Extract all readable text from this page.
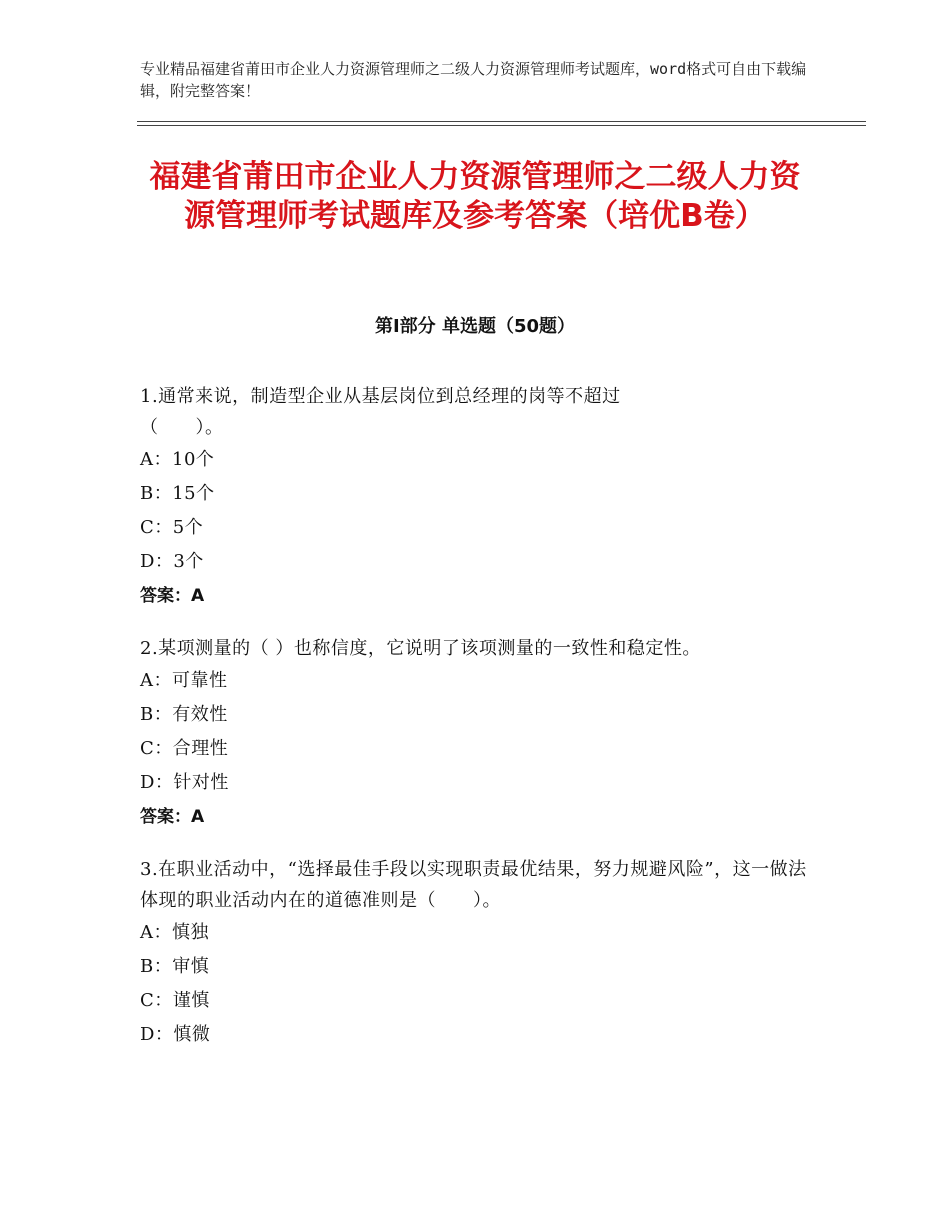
专业精品福建省莆田市企业人力资源管理师之二级人力资源管理师考试题库，word格式可自由下载编辑，附完整答案！
福建省莆田市企业人力资源管理师之二级人力资源管理师考试题库及参考答案（培优B卷）
第Ⅰ部分 单选题（50题）
1.通常来说，制造型企业从基层岗位到总经理的岗等不超过
（　　）。
A：10个
B：15个
C：5个
D：3个
答案：A
2.某项测量的（ ）也称信度，它说明了该项测量的一致性和稳定性。
A：可靠性
B：有效性
C：合理性
D：针对性
答案：A
3.在职业活动中，“选择最佳手段以实现职责最优结果，努力规避风险”，这一做法体现的职业活动内在的道德准则是（　　）。
A：慎独
B：审慎
C：谨慎
D：慎微
